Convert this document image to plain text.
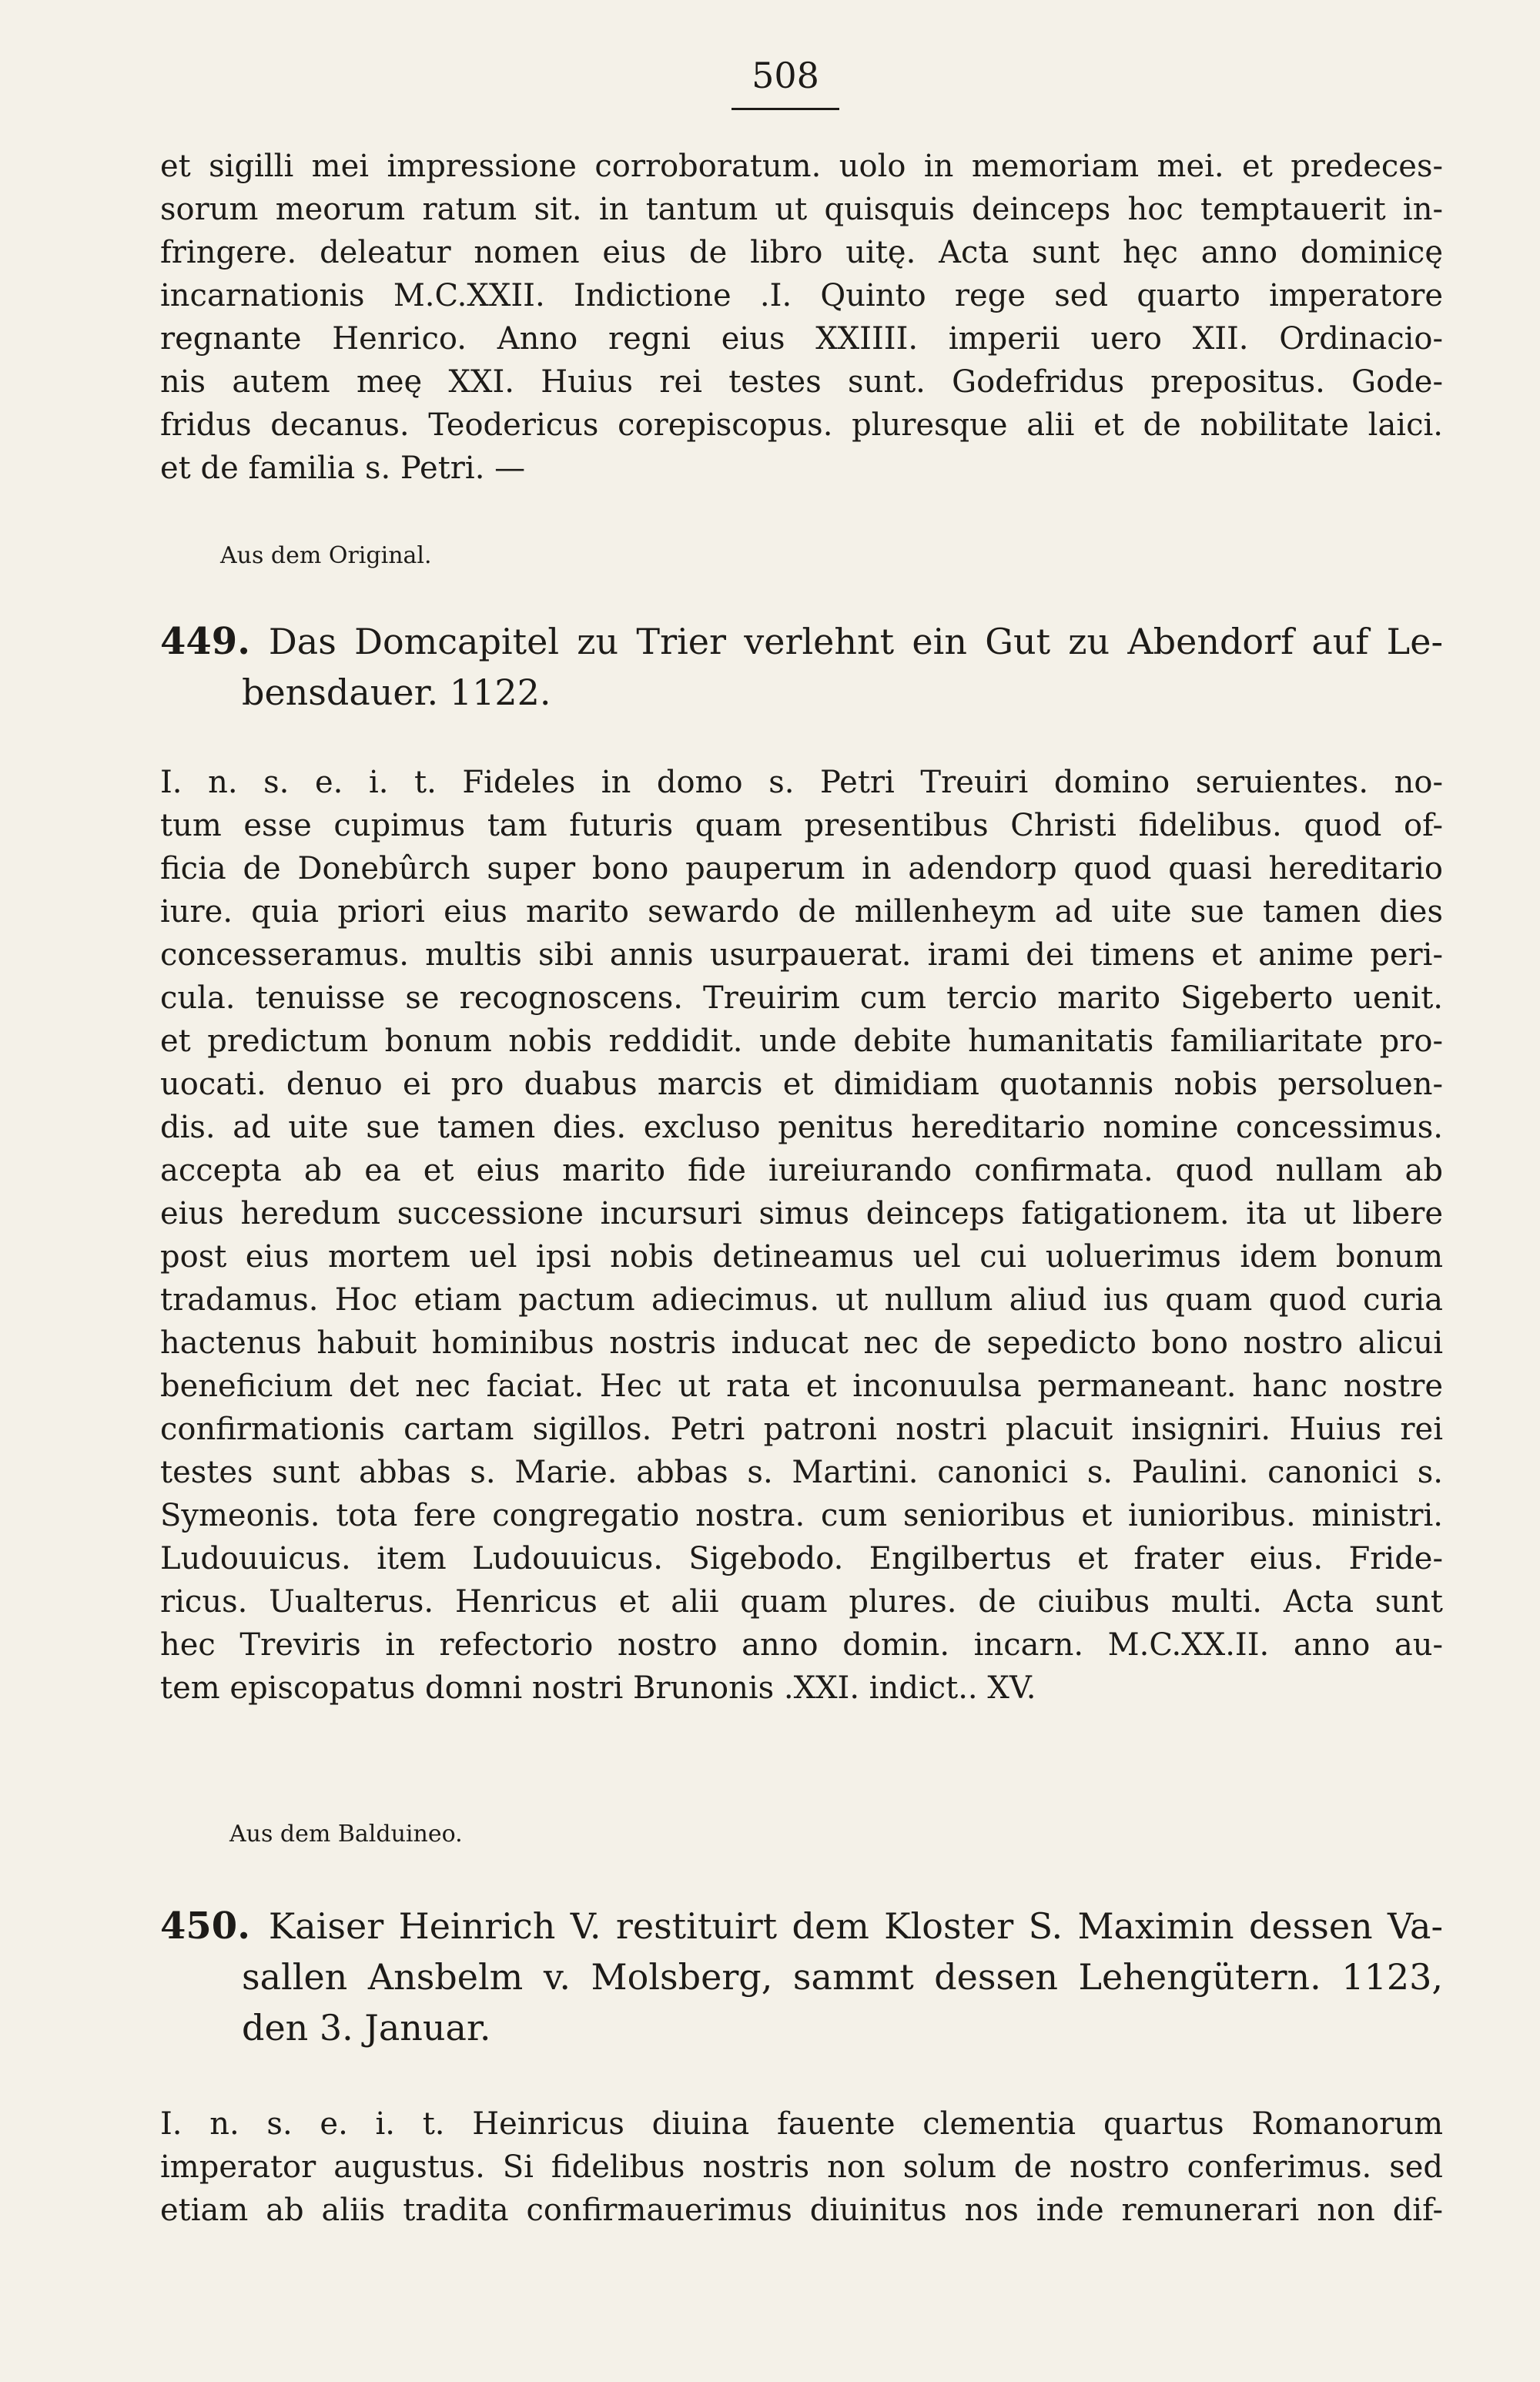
508
et sigilli mei impressione corroboratum. uolo in memoriam mei. et predeces-
sorum meorum ratum sit. in tantum ut quisquis deinceps hoc temptauerit in-
fringere. deleatur nomen eius de libro uitę. Acta sunt hęc anno dominicę
incarnationis M.C.XXII. Indictione .I. Quinto rege sed quarto imperatore
regnante Henrico. Anno regni eius XXIIII. imperii uero XII. Ordinacio-
nis autem meę XXI. Huius rei testes sunt. Godefridus prepositus. Gode-
fridus decanus. Teodericus corepiscopus. pluresque alii et de nobilitate laici.
et de familia s. Petri. —
Aus dem Original.
449. Das Domcapitel zu Trier verlehnt ein Gut zu Abendorf auf Le-
bensdauer. 1122.
I. n. s. e. i. t. Fideles in domo s. Petri Treuiri domino seruientes. no-
tum esse cupimus tam futuris quam presentibus Christi fidelibus. quod of-
ficia de Donebûrch super bono pauperum in adendorp quod quasi hereditario
iure. quia priori eius marito sewardo de millenheym ad uite sue tamen dies
concesseramus. multis sibi annis usurpauerat. irami dei timens et anime peri-
cula. tenuisse se recognoscens. Treuirim cum tercio marito Sigeberto uenit.
et predictum bonum nobis reddidit. unde debite humanitatis familiaritate pro-
uocati. denuo ei pro duabus marcis et dimidiam quotannis nobis persoluen-
dis. ad uite sue tamen dies. excluso penitus hereditario nomine concessimus.
accepta ab ea et eius marito fide iureiurando confirmata. quod nullam ab
eius heredum successione incursuri simus deinceps fatigationem. ita ut libere
post eius mortem uel ipsi nobis detineamus uel cui uoluerimus idem bonum
tradamus. Hoc etiam pactum adiecimus. ut nullum aliud ius quam quod curia
hactenus habuit hominibus nostris inducat nec de sepedicto bono nostro alicui
beneficium det nec faciat. Hec ut rata et inconuulsa permaneant. hanc nostre
confirmationis cartam sigillos. Petri patroni nostri placuit insigniri. Huius rei
testes sunt abbas s. Marie. abbas s. Martini. canonici s. Paulini. canonici s.
Symeonis. tota fere congregatio nostra. cum senioribus et iunioribus. ministri.
Ludouuicus. item Ludouuicus. Sigebodo. Engilbertus et frater eius. Fride-
ricus. Uualterus. Henricus et alii quam plures. de ciuibus multi. Acta sunt
hec Treviris in refectorio nostro anno domin. incarn. M.C.XX.II. anno au-
tem episcopatus domni nostri Brunonis .XXI. indict.. XV.
Aus dem Balduineo.
450. Kaiser Heinrich V. restituirt dem Kloster S. Maximin dessen Va-
sallen Ansbelm v. Molsberg, sammt dessen Lehengütern. 1123,
den 3. Januar.
I. n. s. e. i. t. Heinricus diuina fauente clementia quartus Romanorum
imperator augustus. Si fidelibus nostris non solum de nostro conferimus. sed
etiam ab aliis tradita confirmauerimus diuinitus nos inde remunerari non dif-
